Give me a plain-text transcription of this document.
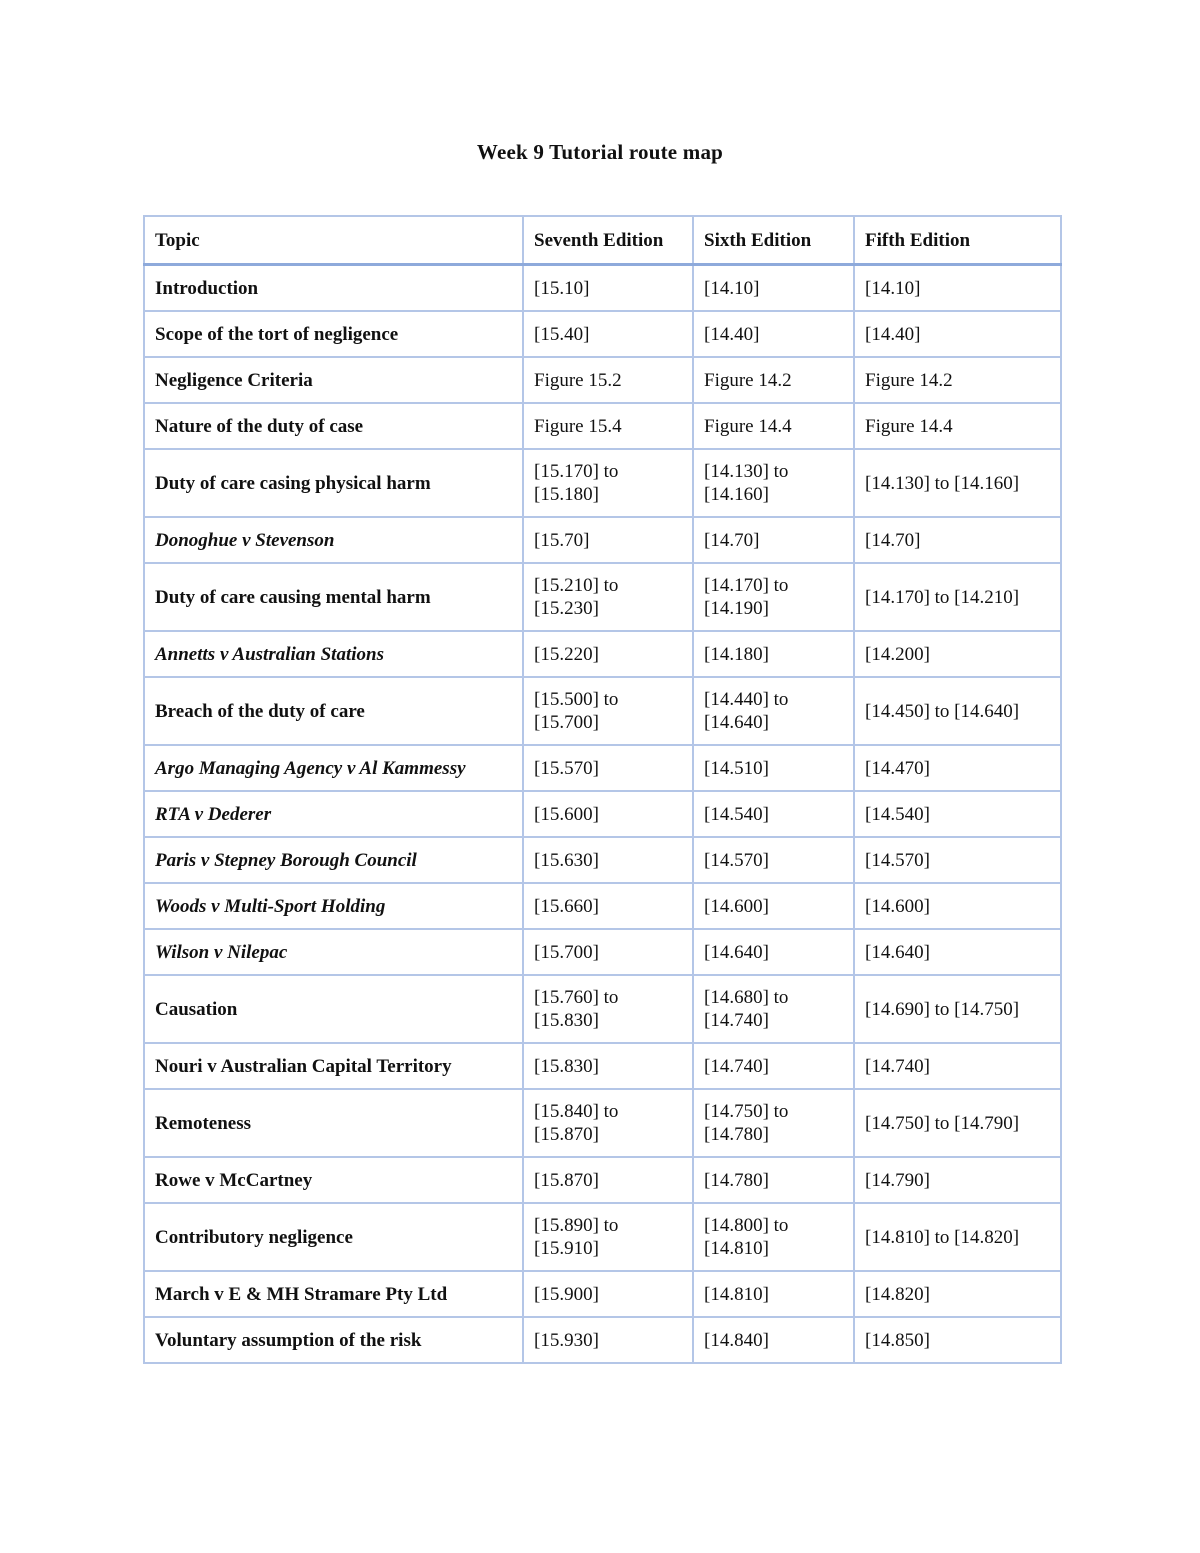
Week 9 Tutorial route map
Topic	Seventh Edition	Sixth Edition	Fifth Edition
Introduction	[15.10]	[14.10]	[14.10]
Scope of the tort of negligence	[15.40]	[14.40]	[14.40]
Negligence Criteria	Figure 15.2	Figure 14.2	Figure 14.2
Nature of the duty of case	Figure 15.4	Figure 14.4	Figure 14.4
Duty of care casing physical harm	[15.170] to [15.180]	[14.130] to [14.160]	[14.130] to [14.160]
Donoghue v Stevenson	[15.70]	[14.70]	[14.70]
Duty of care causing mental harm	[15.210] to [15.230]	[14.170] to [14.190]	[14.170] to [14.210]
Annetts v Australian Stations	[15.220]	[14.180]	[14.200]
Breach of the duty of care	[15.500] to [15.700]	[14.440] to [14.640]	[14.450] to [14.640]
Argo Managing Agency v Al Kammessy	[15.570]	[14.510]	[14.470]
RTA v Dederer	[15.600]	[14.540]	[14.540]
Paris v Stepney Borough Council	[15.630]	[14.570]	[14.570]
Woods v Multi-Sport Holding	[15.660]	[14.600]	[14.600]
Wilson v Nilepac	[15.700]	[14.640]	[14.640]
Causation	[15.760] to [15.830]	[14.680] to [14.740]	[14.690] to [14.750]
Nouri v Australian Capital Territory	[15.830]	[14.740]	[14.740]
Remoteness	[15.840] to [15.870]	[14.750] to [14.780]	[14.750] to [14.790]
Rowe v McCartney	[15.870]	[14.780]	[14.790]
Contributory negligence	[15.890] to [15.910]	[14.800] to [14.810]	[14.810] to [14.820]
March v E & MH Stramare Pty Ltd	[15.900]	[14.810]	[14.820]
Voluntary assumption of the risk	[15.930]	[14.840]	[14.850]
